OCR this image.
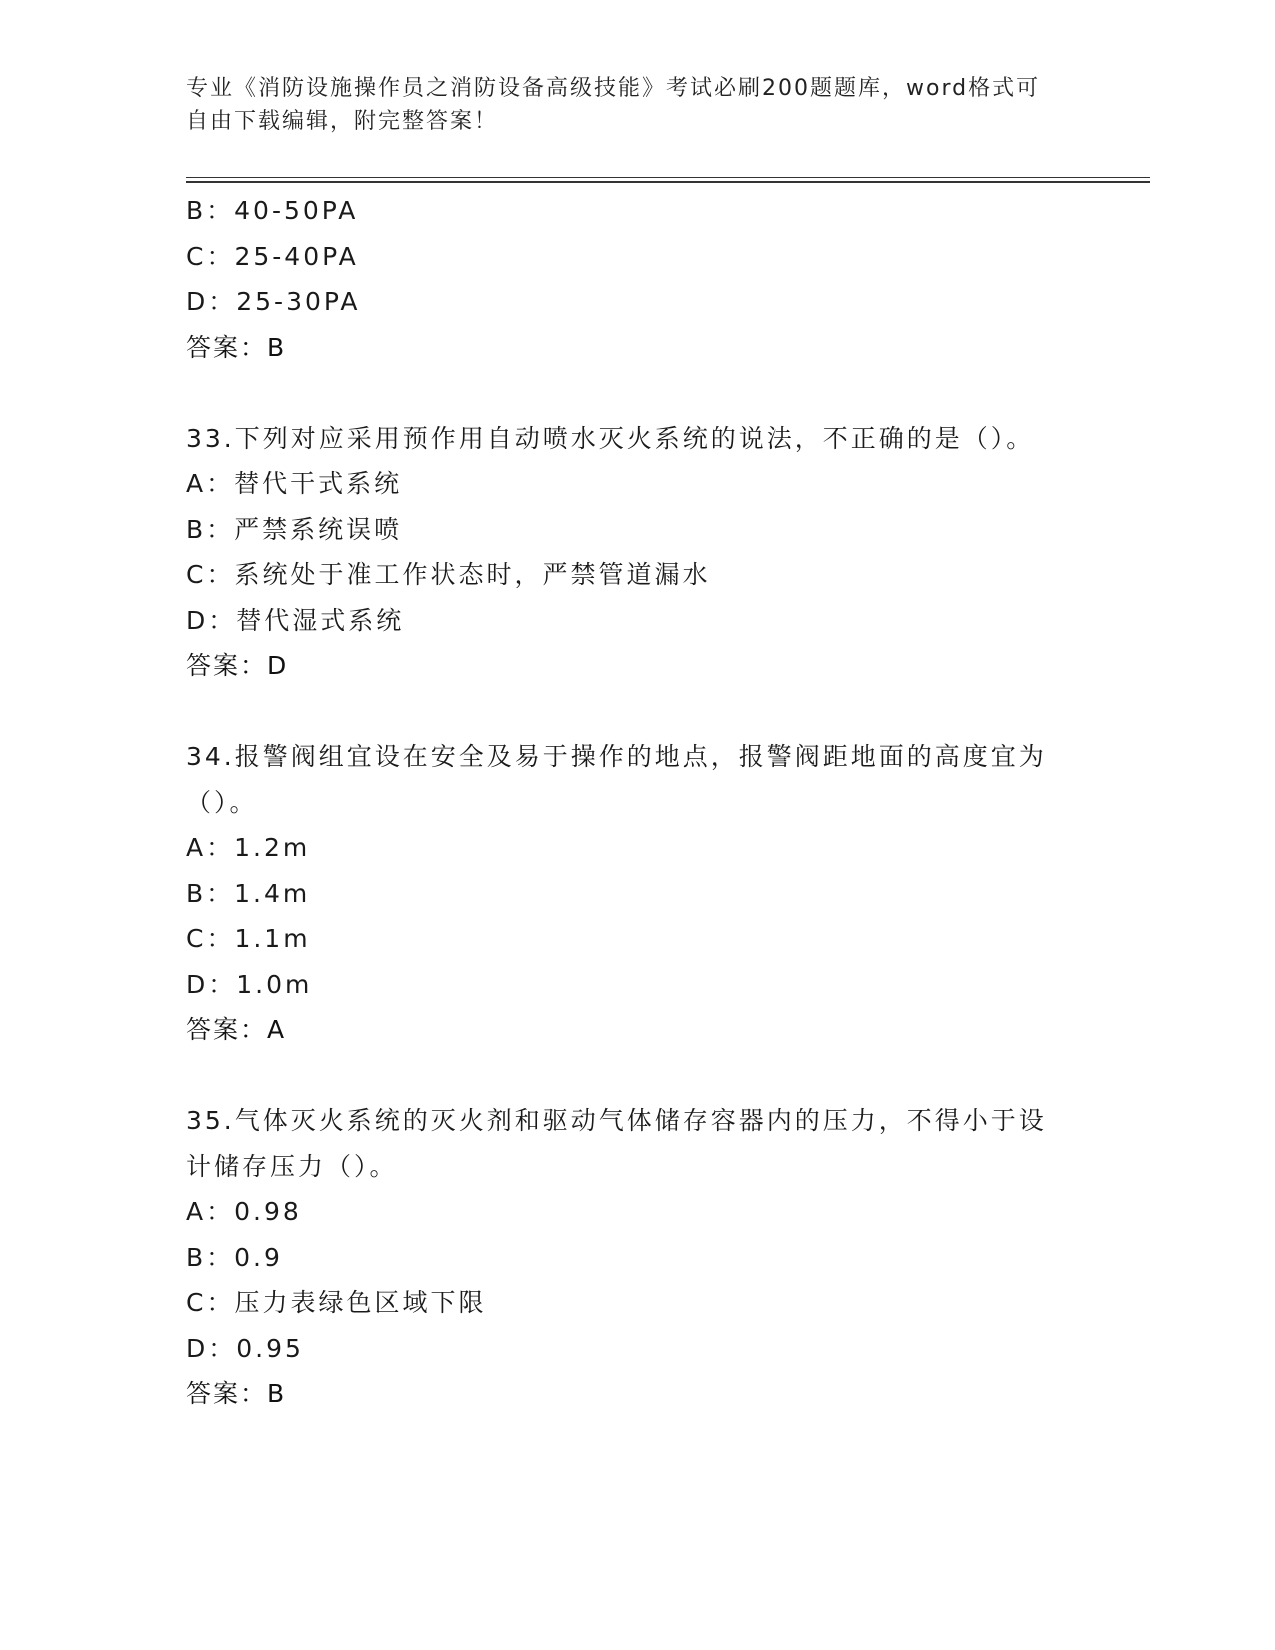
专业《消防设施操作员之消防设备高级技能》考试必刷200题题库，word格式可
自由下载编辑，附完整答案！
B：40-50PA
C：25-40PA
D：25-30PA
答案：B
33.下列对应采用预作用自动喷水灭火系统的说法，不正确的是（）。
A：替代干式系统
B：严禁系统误喷
C：系统处于准工作状态时，严禁管道漏水
D：替代湿式系统
答案：D
34.报警阀组宜设在安全及易于操作的地点，报警阀距地面的高度宜为
（）。
A：1.2m
B：1.4m
C：1.1m
D：1.0m
答案：A
35.气体灭火系统的灭火剂和驱动气体储存容器内的压力，不得小于设
计储存压力（）。
A：0.98
B：0.9
C：压力表绿色区域下限
D：0.95
答案：B
